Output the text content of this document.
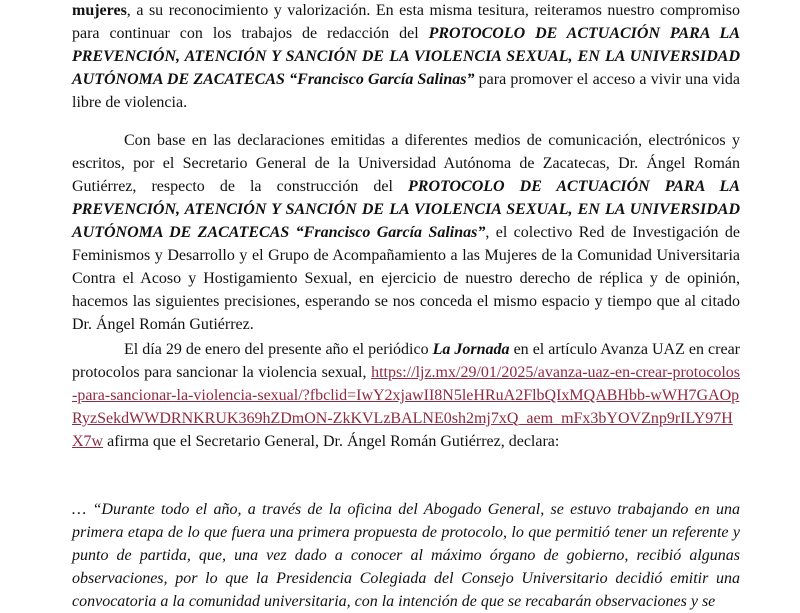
mujeres, a su reconocimiento y valorización. En esta misma tesitura, reiteramos nuestro compromiso para continuar con los trabajos de redacción del PROTOCOLO DE ACTUACIÓN PARA LA PREVENCIÓN, ATENCIÓN Y SANCIÓN DE LA VIOLENCIA SEXUAL, EN LA UNIVERSIDAD AUTÓNOMA DE ZACATECAS “Francisco García Salinas” para promover el acceso a vivir una vida libre de violencia.

Con base en las declaraciones emitidas a diferentes medios de comunicación, electrónicos y escritos, por el Secretario General de la Universidad Autónoma de Zacatecas, Dr. Ángel Román Gutiérrez, respecto de la construcción del PROTOCOLO DE ACTUACIÓN PARA LA PREVENCIÓN, ATENCIÓN Y SANCIÓN DE LA VIOLENCIA SEXUAL, EN LA UNIVERSIDAD AUTÓNOMA DE ZACATECAS “Francisco García Salinas”, el colectivo Red de Investigación de Feminismos y Desarrollo y el Grupo de Acompañamiento a las Mujeres de la Comunidad Universitaria Contra el Acoso y Hostigamiento Sexual, en ejercicio de nuestro derecho de réplica y de opinión, hacemos las siguientes precisiones, esperando se nos conceda el mismo espacio y tiempo que al citado Dr. Ángel Román Gutiérrez.

El día 29 de enero del presente año el periódico La Jornada en el artículo Avanza UAZ en crear protocolos para sancionar la violencia sexual, https://ljz.mx/29/01/2025/avanza-uaz-en-crear-protocolos-para-sancionar-la-violencia-sexual/?fbclid=IwY2xjawII8N5leHRuA2FlbQIxMQABHbb-wWH7GAOpRyzSekdWWDRNKRUK369hZDmON-ZkKVLzBALNE0sh2mj7xQ_aem_mFx3bYOVZnp9rILY97HX7w afirma que el Secretario General, Dr. Ángel Román Gutiérrez, declara:

… “Durante todo el año, a través de la oficina del Abogado General, se estuvo trabajando en una primera etapa de lo que fuera una primera propuesta de protocolo, lo que permitió tener un referente y punto de partida, que, una vez dado a conocer al máximo órgano de gobierno, recibió algunas observaciones, por lo que la Presidencia Colegiada del Consejo Universitario decidió emitir una convocatoria a la comunidad universitaria, con la intención de que se recabarán observaciones y se
